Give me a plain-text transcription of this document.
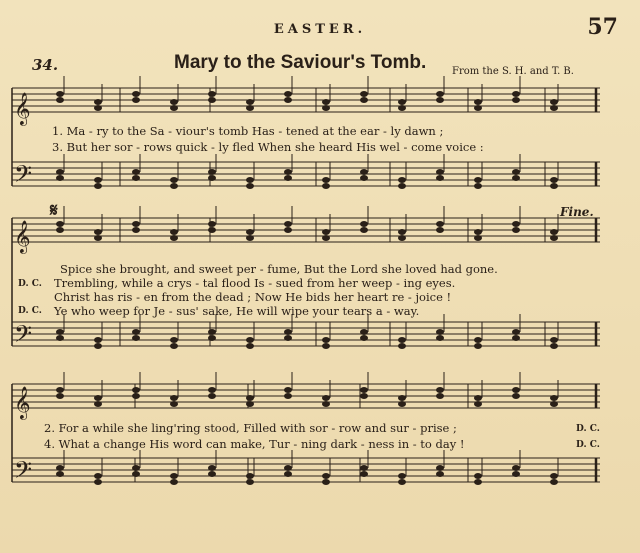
EASTER.	57
34.	Mary to the Saviour's Tomb.	From the S. H. and T. B.
𝄞
𝄢
𝄞
𝄢
𝄞
𝄢
𝄋	Fine.
1. Ma - ry to the Sa - viour's tomb Has - tened at the ear - ly dawn ;
3. But her sor - rows quick - ly fled When she heard His wel - come voice :
Spice she brought, and sweet per - fume, But the Lord she loved had gone.
D. C. Trembling, while a crys - tal flood Is - sued from her weep - ing eyes.
Christ has ris - en from the dead ; Now He bids her heart re - joice !
D. C. Ye who weep for Je - sus' sake, He will wipe your tears a - way.
2. For a while she ling'ring stood, Filled with sor - row and sur - prise ;	D. C.
4. What a change His word can make, Tur - ning dark - ness in - to day !	D. C.
